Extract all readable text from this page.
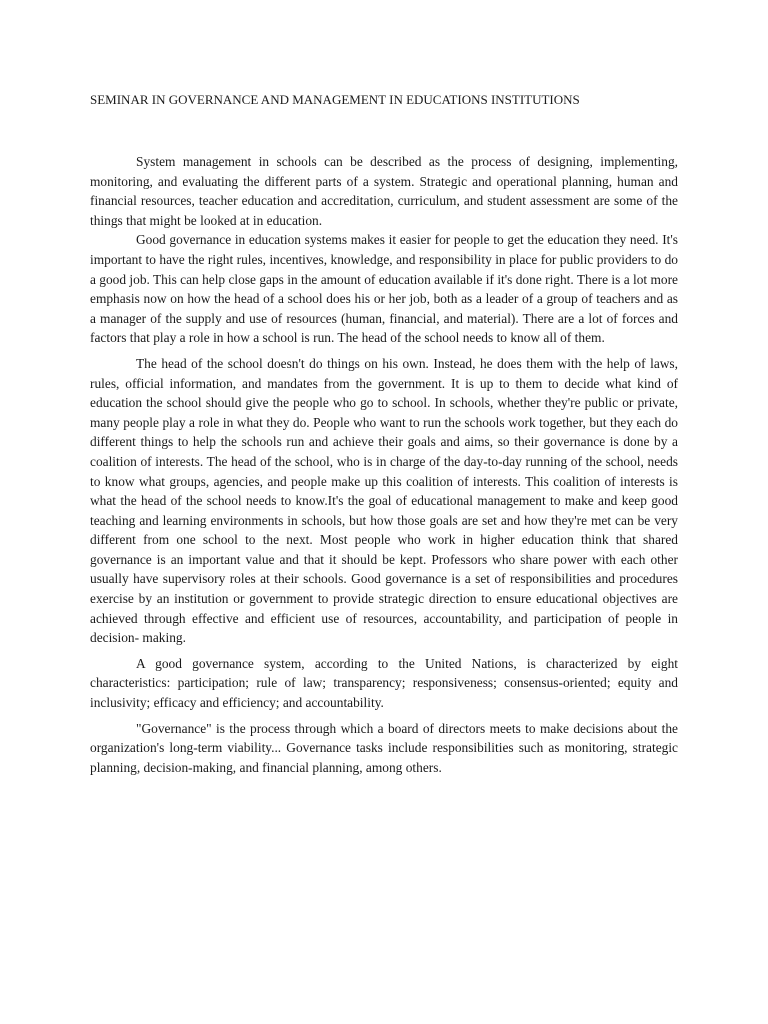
SEMINAR IN GOVERNANCE AND MANAGEMENT IN EDUCATIONS INSTITUTIONS

System management in schools can be described as the process of designing, implementing, monitoring, and evaluating the different parts of a system. Strategic and operational planning, human and financial resources, teacher education and accreditation, curriculum, and student assessment are some of the things that might be looked at in education.

Good governance in education systems makes it easier for people to get the education they need. It's important to have the right rules, incentives, knowledge, and responsibility in place for public providers to do a good job. This can help close gaps in the amount of education available if it's done right. There is a lot more emphasis now on how the head of a school does his or her job, both as a leader of a group of teachers and as a manager of the supply and use of resources (human, financial, and material). There are a lot of forces and factors that play a role in how a school is run. The head of the school needs to know all of them.

The head of the school doesn't do things on his own. Instead, he does them with the help of laws, rules, official information, and mandates from the government. It is up to them to decide what kind of education the school should give the people who go to school. In schools, whether they're public or private, many people play a role in what they do. People who want to run the schools work together, but they each do different things to help the schools run and achieve their goals and aims, so their governance is done by a coalition of interests. The head of the school, who is in charge of the day-to-day running of the school, needs to know what groups, agencies, and people make up this coalition of interests. This coalition of interests is what the head of the school needs to know.It's the goal of educational management to make and keep good teaching and learning environments in schools, but how those goals are set and how they're met can be very different from one school to the next. Most people who work in higher education think that shared governance is an important value and that it should be kept. Professors who share power with each other usually have supervisory roles at their schools. Good governance is a set of responsibilities and procedures exercise by an institution or government to provide strategic direction to ensure educational objectives are achieved through effective and efficient use of resources, accountability, and participation of people in decision- making.

A good governance system, according to the United Nations, is characterized by eight characteristics: participation; rule of law; transparency; responsiveness; consensus-oriented; equity and inclusivity; efficacy and efficiency; and accountability.

"Governance" is the process through which a board of directors meets to make decisions about the organization's long-term viability... Governance tasks include responsibilities such as monitoring, strategic planning, decision-making, and financial planning, among others.
